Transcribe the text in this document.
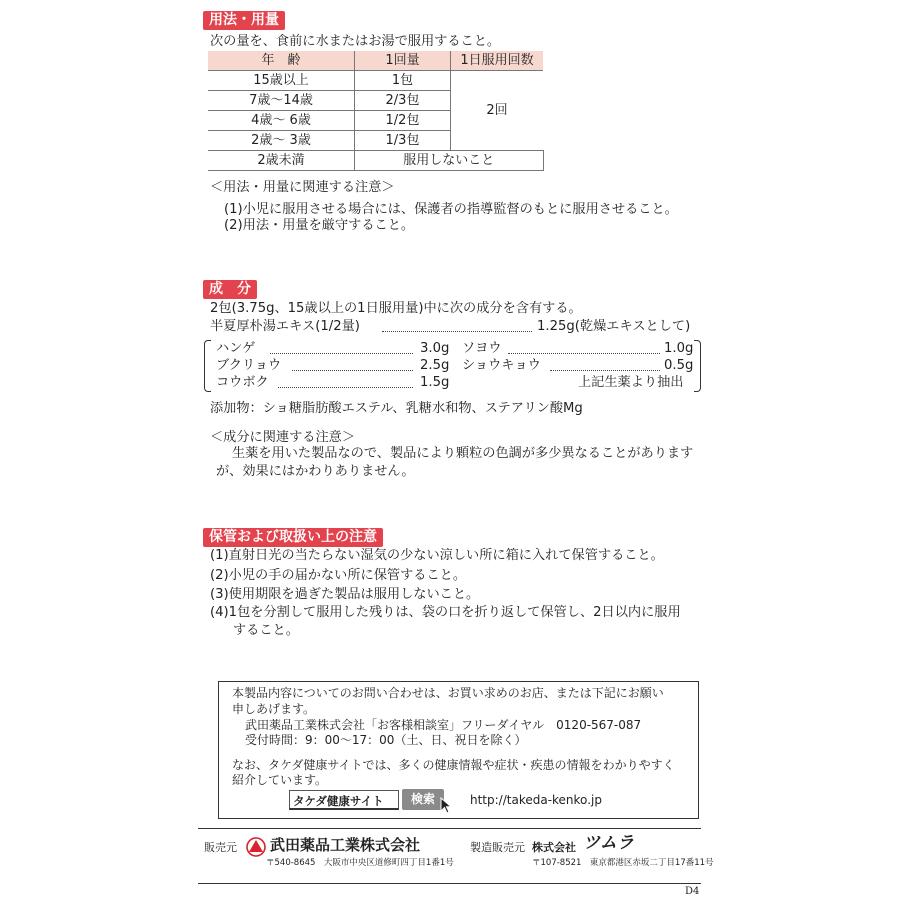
用法・用量
次の量を、食前に水またはお湯で服用すること。
年　齢	1回量	1日服用回数
15歳以上	1包	2回
7歳〜14歳	2/3包	
4歳〜 6歳	1/2包	
2歳〜 3歳	1/3包	
2歳未満	服用しないこと	
＜用法・用量に関連する注意＞
(1)小児に服用させる場合には、保護者の指導監督のもとに服用させること。
(2)用法・用量を厳守すること。
成　分
2包(3.75g、15歳以上の1日服用量)中に次の成分を含有する。
半夏厚朴湯エキス(1/2量)	1.25g(乾燥エキスとして)
ハンゲ	3.0g
ブクリョウ	2.5g
コウボク	1.5g
ソヨウ	1.0g
ショウキョウ	0.5g
上記生薬より抽出
添加物：ショ糖脂肪酸エステル、乳糖水和物、ステアリン酸Mg
＜成分に関連する注意＞
生薬を用いた製品なので、製品により顆粒の色調が多少異なることがあります
が、効果にはかわりありません。
保管および取扱い上の注意
(1)直射日光の当たらない湿気の少ない涼しい所に箱に入れて保管すること。
(2)小児の手の届かない所に保管すること。
(3)使用期限を過ぎた製品は服用しないこと。
(4)1包を分割して服用した残りは、袋の口を折り返して保管し、2日以内に服用
すること。
本製品内容についてのお問い合わせは、お買い求めのお店、または下記にお願い
申しあげます。
武田薬品工業株式会社「お客様相談室」フリーダイヤル　0120-567-087
受付時間：9：00〜17：00（土、日、祝日を除く）
なお、タケダ健康サイトでは、多くの健康情報や症状・疾患の情報をわかりやすく
紹介しています。
タケダ健康サイト	検索	http://takeda-kenko.jp
販売元 武田薬品工業株式会社
〒540-8645　大阪市中央区道修町四丁目1番1号
製造販売元 株式会社 ツムラ
〒107-8521　東京都港区赤坂二丁目17番11号
D4
